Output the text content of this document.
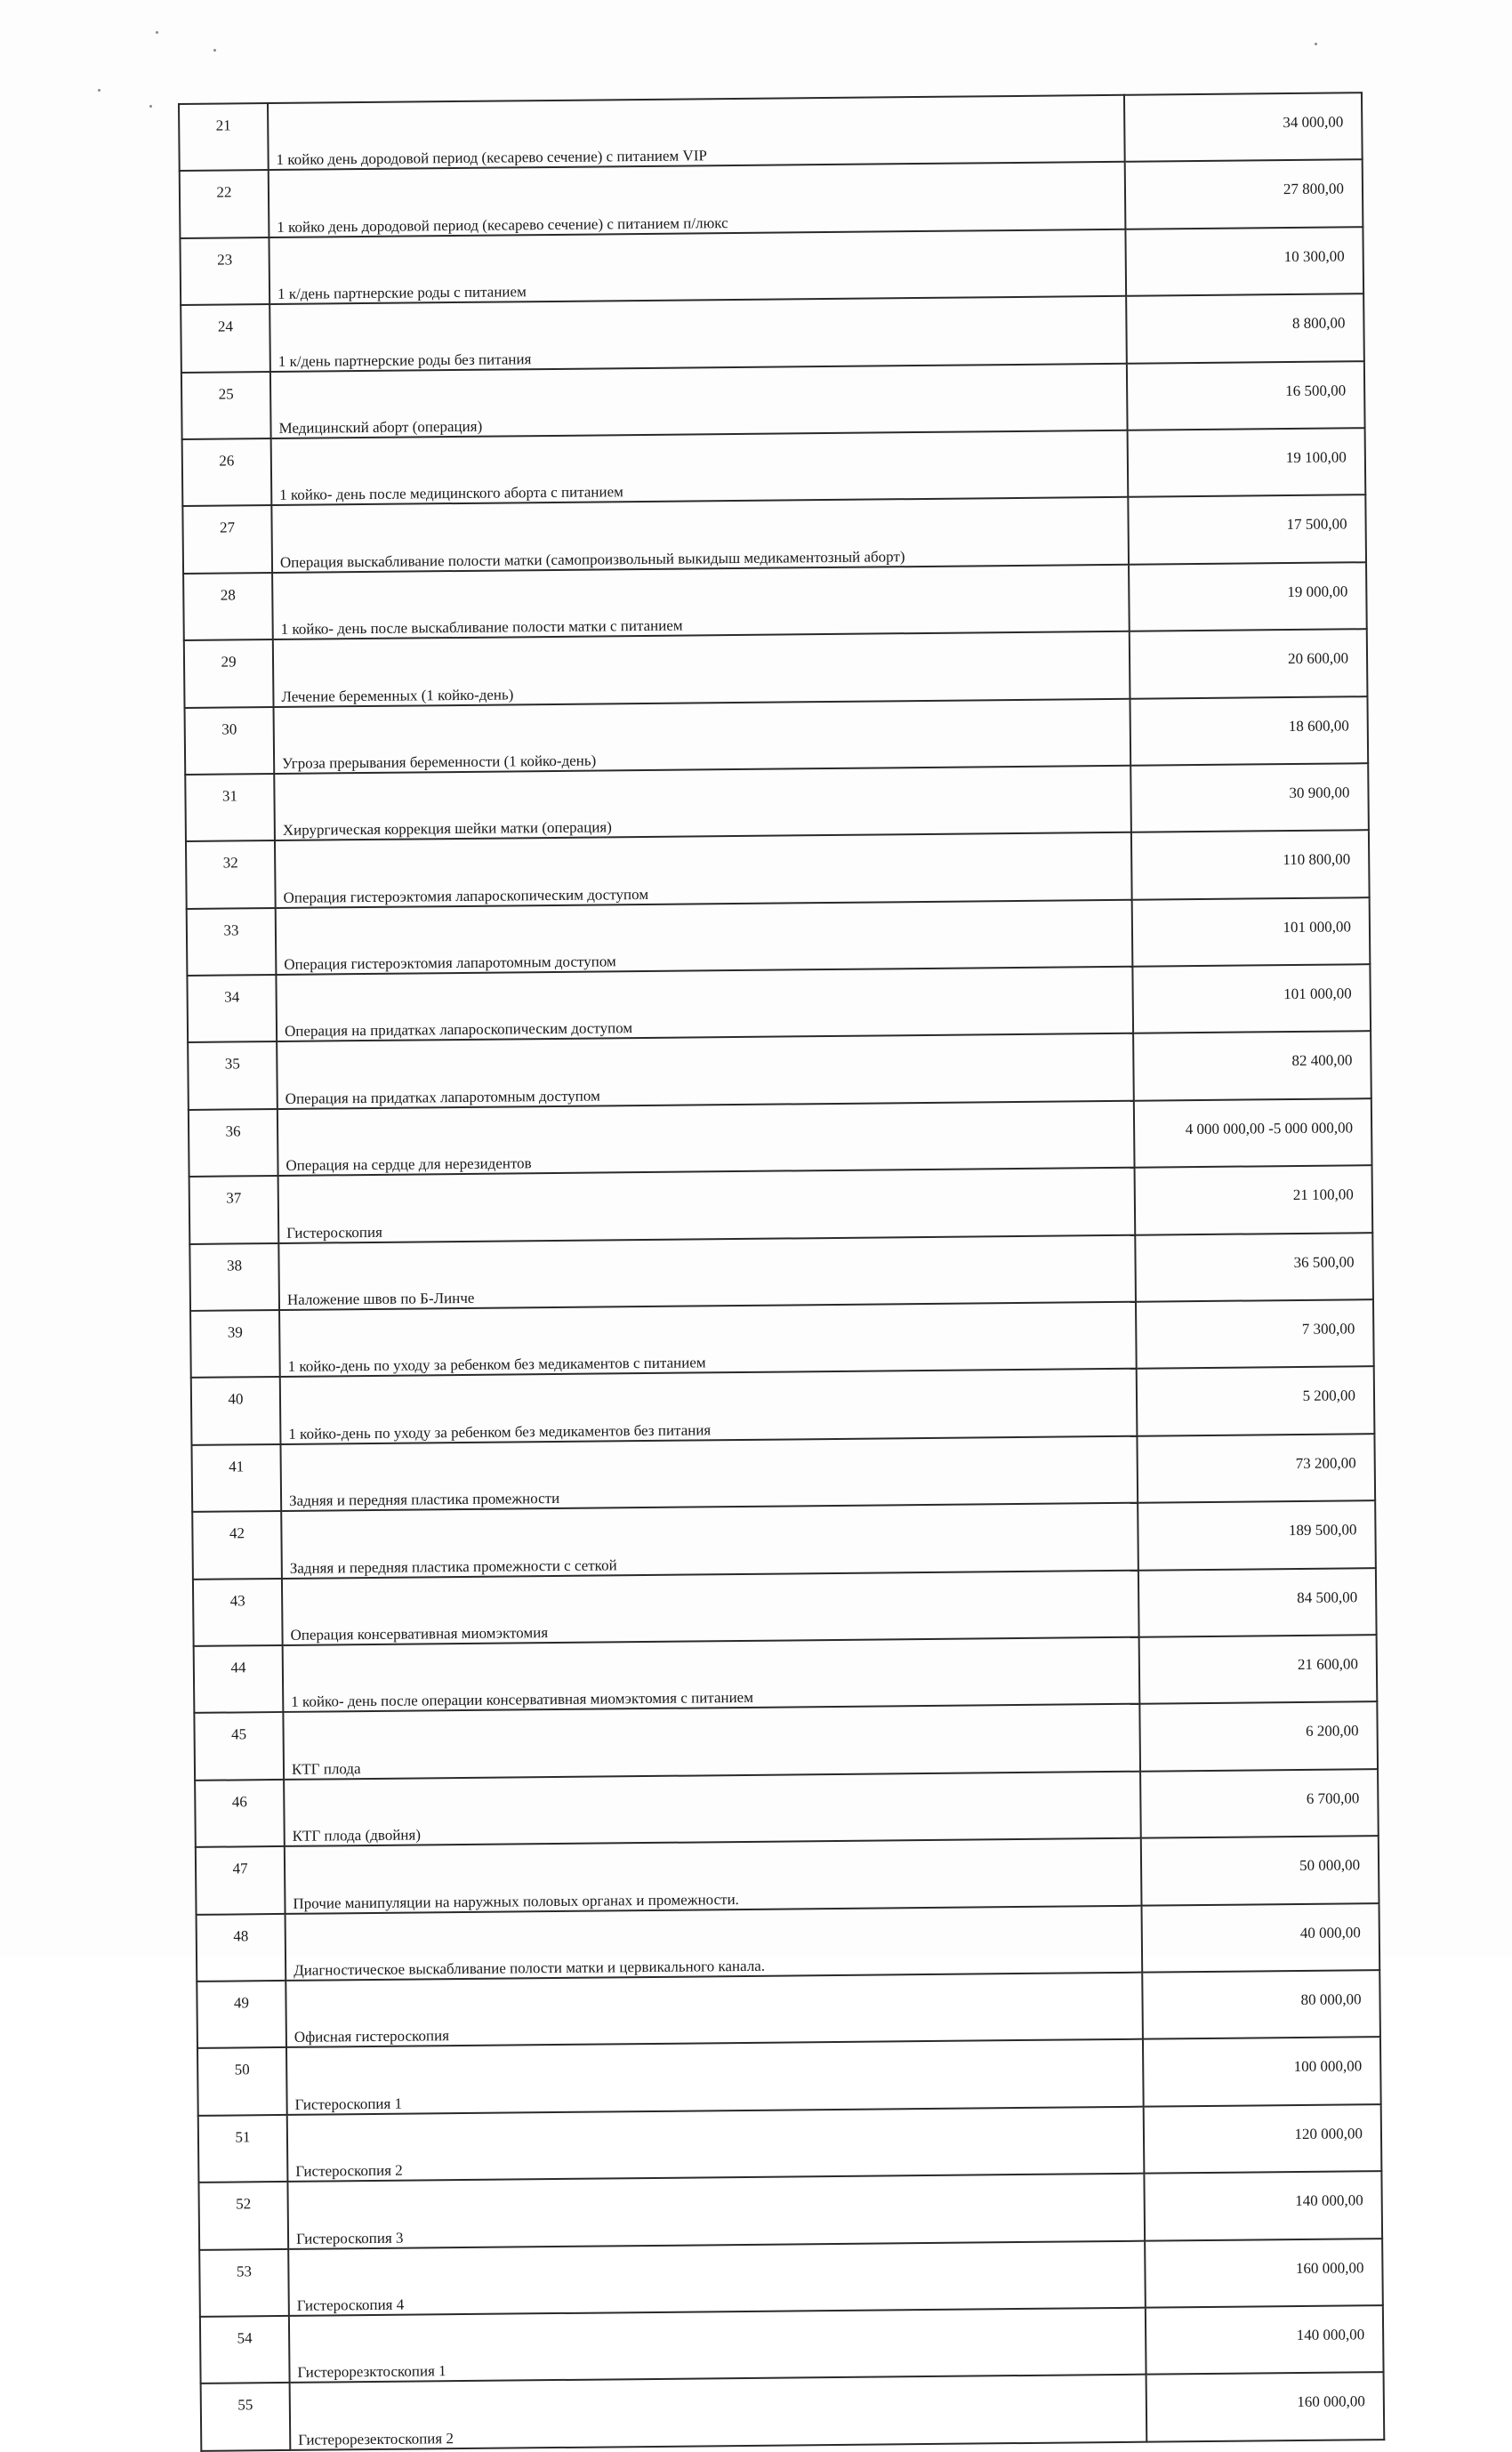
21	1 койко день дородовой период (кесарево сечение) с питанием VIP	34 000,00
22	1 койко день дородовой период (кесарево сечение) с питанием п/люкс	27 800,00
23	1 к/день партнерские роды с питанием	10 300,00
24	1 к/день партнерские роды без питания	8 800,00
25	Медицинский аборт (операция)	16 500,00
26	1 койко- день после медицинского аборта с питанием	19 100,00
27	Операция выскабливание полости матки (самопроизвольный выкидыш медикаментозный аборт)	17 500,00
28	1 койко- день после выскабливание полости матки с питанием	19 000,00
29	Лечение беременных (1 койко-день)	20 600,00
30	Угроза прерывания беременности (1 койко-день)	18 600,00
31	Хирургическая коррекция шейки матки (операция)	30 900,00
32	Операция гистероэктомия лапароскопическим доступом	110 800,00
33	Операция гистероэктомия лапаротомным доступом	101 000,00
34	Операция на придатках лапароскопическим доступом	101 000,00
35	Операция на придатках лапаротомным доступом	82 400,00
36	Операция на сердце для нерезидентов	4 000 000,00 -5 000 000,00
37	Гистероскопия	21 100,00
38	Наложение швов по Б-Линче	36 500,00
39	1 койко-день по уходу за ребенком без медикаментов с питанием	7 300,00
40	1 койко-день по уходу за ребенком без медикаментов без питания	5 200,00
41	Задняя и передняя пластика промежности	73 200,00
42	Задняя и передняя пластика промежности с сеткой	189 500,00
43	Операция консервативная миомэктомия	84 500,00
44	1 койко- день после операции консервативная миомэктомия с питанием	21 600,00
45	КТГ плода	6 200,00
46	КТГ плода (двойня)	6 700,00
47	Прочие манипуляции на наружных половых органах и промежности.	50 000,00
48	Диагностическое выскабливание полости матки и цервикального канала.	40 000,00
49	Офисная гистероскопия	80 000,00
50	Гистероскопия 1	100 000,00
51	Гистероскопия 2	120 000,00
52	Гистероскопия 3	140 000,00
53	Гистероскопия 4	160 000,00
54	Гистерорезктоскопия 1	140 000,00
55	Гистерорезектоскопия 2	160 000,00
